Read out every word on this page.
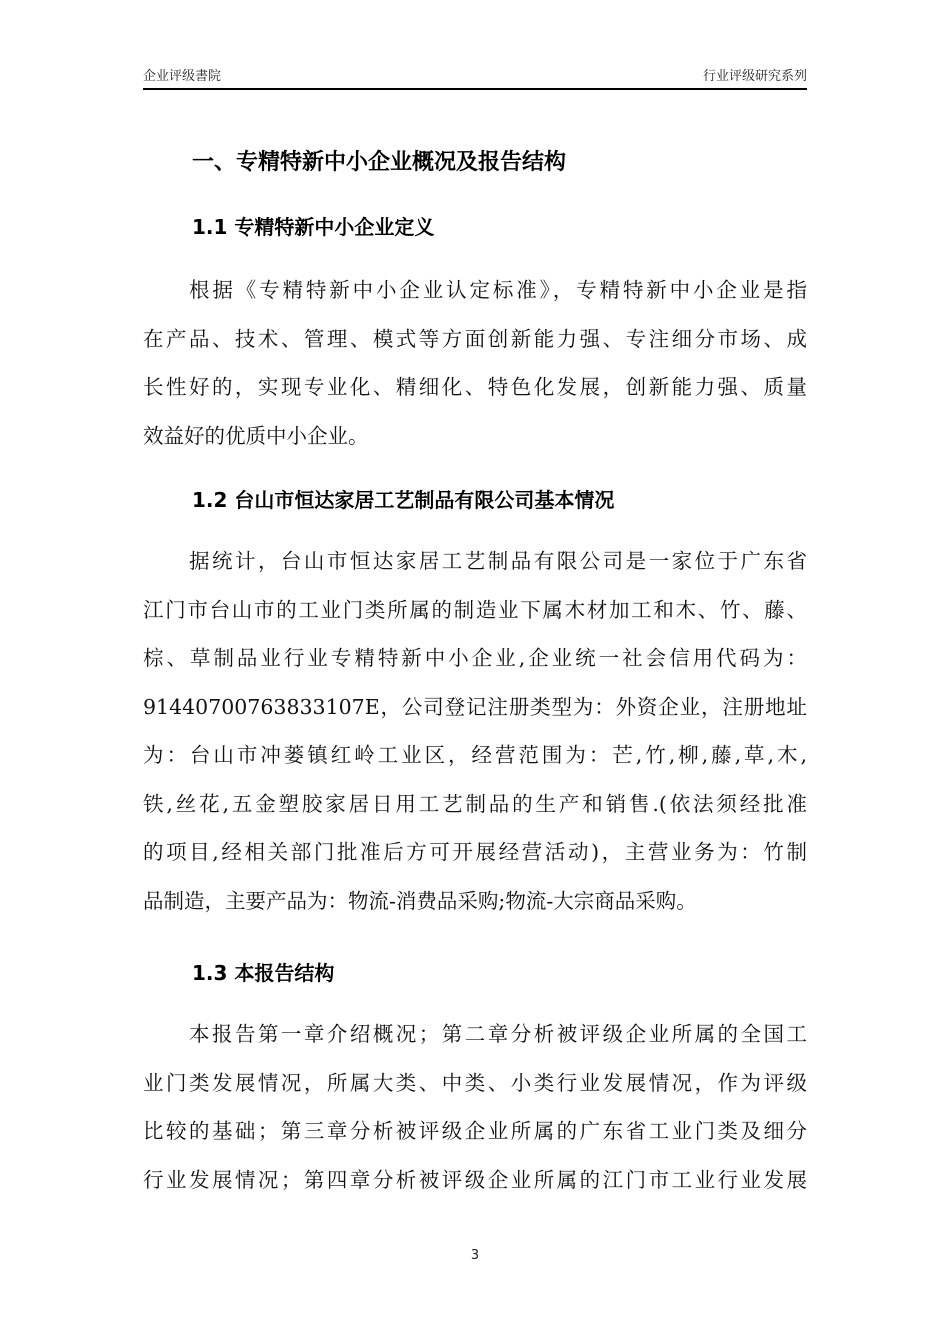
企业评级書院	行业评级研究系列
一、专精特新中小企业概况及报告结构
1.1 专精特新中小企业定义
根据《专精特新中小企业认定标准》，专精特新中小企业是指
在产品、技术、管理、模式等方面创新能力强、专注细分市场、成
长性好的，实现专业化、精细化、特色化发展，创新能力强、质量
效益好的优质中小企业。
1.2 台山市恒达家居工艺制品有限公司基本情况
据统计，台山市恒达家居工艺制品有限公司是一家位于广东省
江门市台山市的工业门类所属的制造业下属木材加工和木、竹、藤、
棕、草制品业行业专精特新中小企业,企业统一社会信用代码为：
91440700763833107E，公司登记注册类型为：外资企业，注册地址
为：台山市冲蒌镇红岭工业区，经营范围为：芒,竹,柳,藤,草,木,
铁,丝花,五金塑胶家居日用工艺制品的生产和销售.(依法须经批准
的项目,经相关部门批准后方可开展经营活动)，主营业务为：竹制
品制造，主要产品为：物流-消费品采购;物流-大宗商品采购。
1.3 本报告结构
本报告第一章介绍概况；第二章分析被评级企业所属的全国工
业门类发展情况，所属大类、中类、小类行业发展情况，作为评级
比较的基础；第三章分析被评级企业所属的广东省工业门类及细分
行业发展情况；第四章分析被评级企业所属的江门市工业行业发展
3
